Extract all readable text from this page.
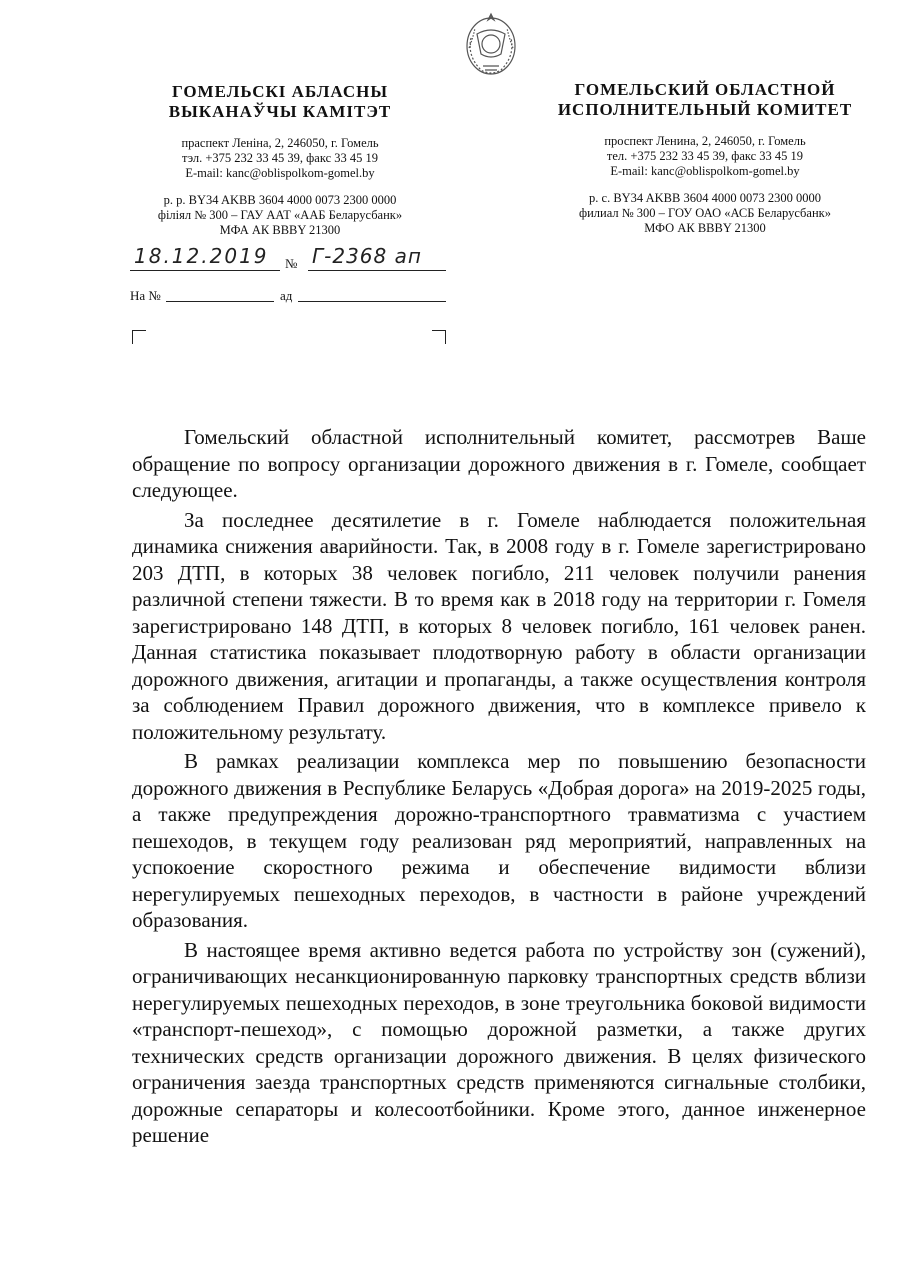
ГОМЕЛЬСКІ АБЛАСНЫ
ВЫКАНАЎЧЫ КАМІТЭТ
праспект Леніна, 2, 246050, г. Гомель
тэл. +375 232 33 45 39, факс 33 45 19
E-mail: kanc@oblispolkom-gomel.by
р. р. BY34 AKBB 3604 4000 0073 2300 0000
філіял № 300 – ГАУ ААТ «ААБ Беларусбанк»
МФА АК BBBY 21300
ГОМЕЛЬСКИЙ ОБЛАСТНОЙ
ИСПОЛНИТЕЛЬНЫЙ КОМИТЕТ
проспект Ленина, 2, 246050, г. Гомель
тел. +375 232 33 45 39, факс 33 45 19
E-mail: kanc@oblispolkom-gomel.by
р. с. BY34 AKBB 3604 4000 0073 2300 0000
филиал № 300 – ГОУ ОАО «АСБ Беларусбанк»
МФО АК BBBY 21300
18.12.2019	№ Г-2368 ап
На №	ад

Гомельский областной исполнительный комитет, рассмотрев Ваше обращение по вопросу организации дорожного движения в г. Гомеле, сообщает следующее.

За последнее десятилетие в г. Гомеле наблюдается положительная динамика снижения аварийности. Так, в 2008 году в г. Гомеле зарегистрировано 203 ДТП, в которых 38 человек погибло, 211 человек получили ранения различной степени тяжести. В то время как в 2018 году на территории г. Гомеля зарегистрировано 148 ДТП, в которых 8 человек погибло, 161 человек ранен. Данная статистика показывает плодотворную работу в области организации дорожного движения, агитации и пропаганды, а также осуществления контроля за соблюдением Правил дорожного движения, что в комплексе привело к положительному результату.

В рамках реализации комплекса мер по повышению безопасности дорожного движения в Республике Беларусь «Добрая дорога» на 2019-2025 годы, а также предупреждения дорожно-транспортного травматизма с участием пешеходов, в текущем году реализован ряд мероприятий, направленных на успокоение скоростного режима и обеспечение видимости вблизи нерегулируемых пешеходных переходов, в частности в районе учреждений образования.

В настоящее время активно ведется работа по устройству зон (сужений), ограничивающих несанкционированную парковку транспортных средств вблизи нерегулируемых пешеходных переходов, в зоне треугольника боковой видимости «транспорт-пешеход», с помощью дорожной разметки, а также других технических средств организации дорожного движения. В целях физического ограничения заезда транспортных средств применяются сигнальные столбики, дорожные сепараторы и колесоотбойники. Кроме этого, данное инженерное решение
